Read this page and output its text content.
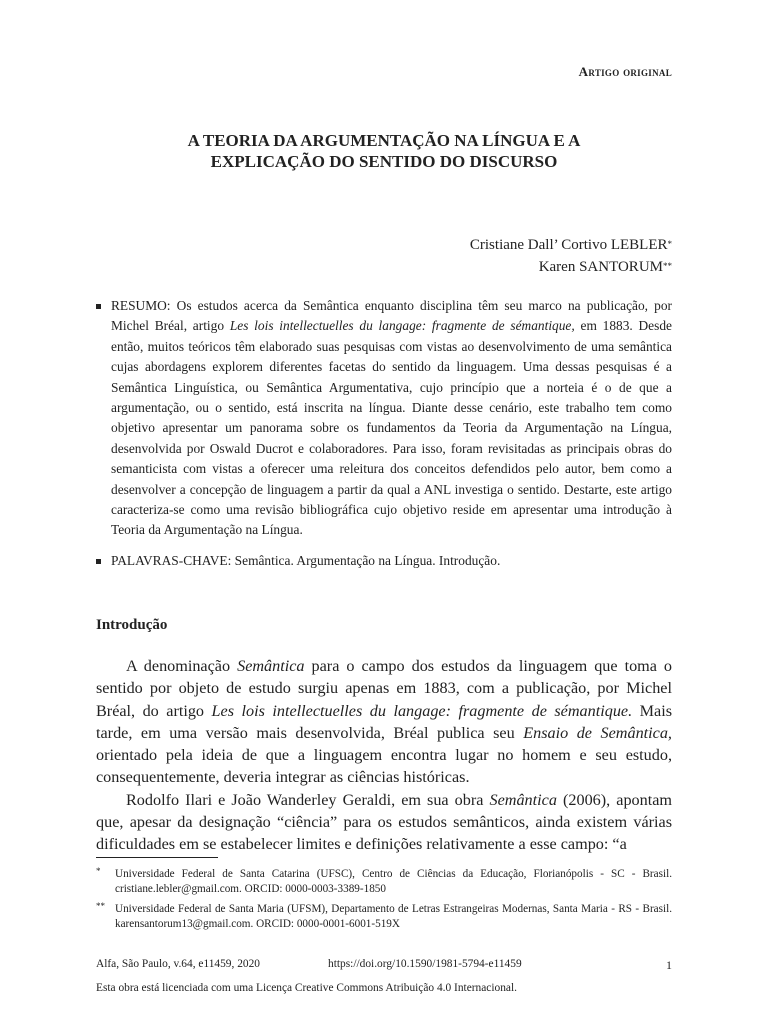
Artigo original
A TEORIA DA ARGUMENTAÇÃO NA LÍNGUA E A
EXPLICAÇÃO DO SENTIDO DO DISCURSO
Cristiane Dall’ Cortivo LEBLER*
Karen SANTORUM**
RESUMO: Os estudos acerca da Semântica enquanto disciplina têm seu marco na publicação, por Michel Bréal, artigo Les lois intellectuelles du langage: fragmente de sémantique, em 1883. Desde então, muitos teóricos têm elaborado suas pesquisas com vistas ao desenvolvimento de uma semântica cujas abordagens explorem diferentes facetas do sentido da linguagem. Uma dessas pesquisas é a Semântica Linguística, ou Semântica Argumentativa, cujo princípio que a norteia é o de que a argumentação, ou o sentido, está inscrita na língua. Diante desse cenário, este trabalho tem como objetivo apresentar um panorama sobre os fundamentos da Teoria da Argumentação na Língua, desenvolvida por Oswald Ducrot e colaboradores. Para isso, foram revisitadas as principais obras do semanticista com vistas a oferecer uma releitura dos conceitos defendidos pelo autor, bem como a desenvolver a concepção de linguagem a partir da qual a ANL investiga o sentido. Destarte, este artigo caracteriza-se como uma revisão bibliográfica cujo objetivo reside em apresentar uma introdução à Teoria da Argumentação na Língua.
PALAVRAS-CHAVE: Semântica. Argumentação na Língua. Introdução.
Introdução

A denominação Semântica para o campo dos estudos da linguagem que toma o sentido por objeto de estudo surgiu apenas em 1883, com a publicação, por Michel Bréal, do artigo Les lois intellectuelles du langage: fragmente de sémantique. Mais tarde, em uma versão mais desenvolvida, Bréal publica seu Ensaio de Semântica, orientado pela ideia de que a linguagem encontra lugar no homem e seu estudo, consequentemente, deveria integrar as ciências históricas.

Rodolfo Ilari e João Wanderley Geraldi, em sua obra Semântica (2006), apontam que, apesar da designação “ciência” para os estudos semânticos, ainda existem várias dificuldades em se estabelecer limites e definições relativamente a esse campo: “a

* Universidade Federal de Santa Catarina (UFSC), Centro de Ciências da Educação, Florianópolis - SC - Brasil. cristiane.lebler@gmail.com. ORCID: 0000-0003-3389-1850
** Universidade Federal de Santa Maria (UFSM), Departamento de Letras Estrangeiras Modernas, Santa Maria - RS - Brasil. karensantorum13@gmail.com. ORCID: 0000-0001-6001-519X
Alfa, São Paulo, v.64, e11459, 2020	https://doi.org/10.1590/1981-5794-e11459	1
Esta obra está licenciada com uma Licença Creative Commons Atribuição 4.0 Internacional.
